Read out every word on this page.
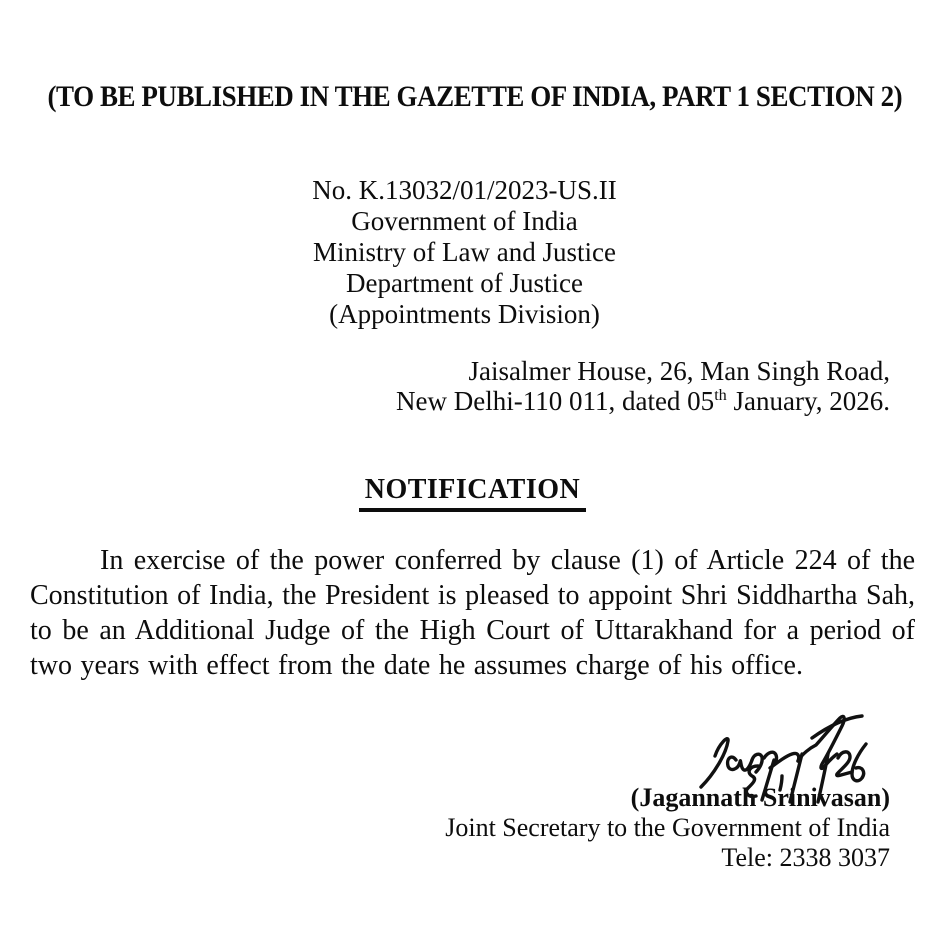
(TO BE PUBLISHED IN THE GAZETTE OF INDIA, PART 1 SECTION 2)
No. K.13032/01/2023-US.II
Government of India
Ministry of Law and Justice
Department of Justice
(Appointments Division)
Jaisalmer House, 26, Man Singh Road,
New Delhi-110 011, dated 05th January, 2026.
NOTIFICATION

In exercise of the power conferred by clause (1) of Article 224 of the Constitution of India, the President is pleased to appoint Shri Siddhartha Sah, to be an Additional Judge of the High Court of Uttarakhand for a period of two years with effect from the date he assumes charge of his office.

(Jagannath Srinivasan)
Joint Secretary to the Government of India
Tele: 2338 3037
